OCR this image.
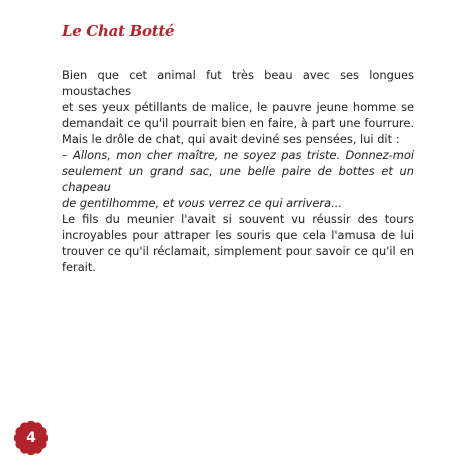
Le Chat Botté
Bien que cet animal fut très beau avec ses longues moustaches
et ses yeux pétillants de malice, le pauvre jeune homme se
demandait ce qu'il pourrait bien en faire, à part une fourrure.
Mais le drôle de chat, qui avait deviné ses pensées, lui dit :
– Allons, mon cher maître, ne soyez pas triste. Donnez-moi
seulement un grand sac, une belle paire de bottes et un chapeau
de gentilhomme, et vous verrez ce qui arrivera...
Le fils du meunier l'avait si souvent vu réussir des tours
incroyables pour attraper les souris que cela l'amusa de lui
trouver ce qu'il réclamait, simplement pour savoir ce qu'il en
ferait.
4
